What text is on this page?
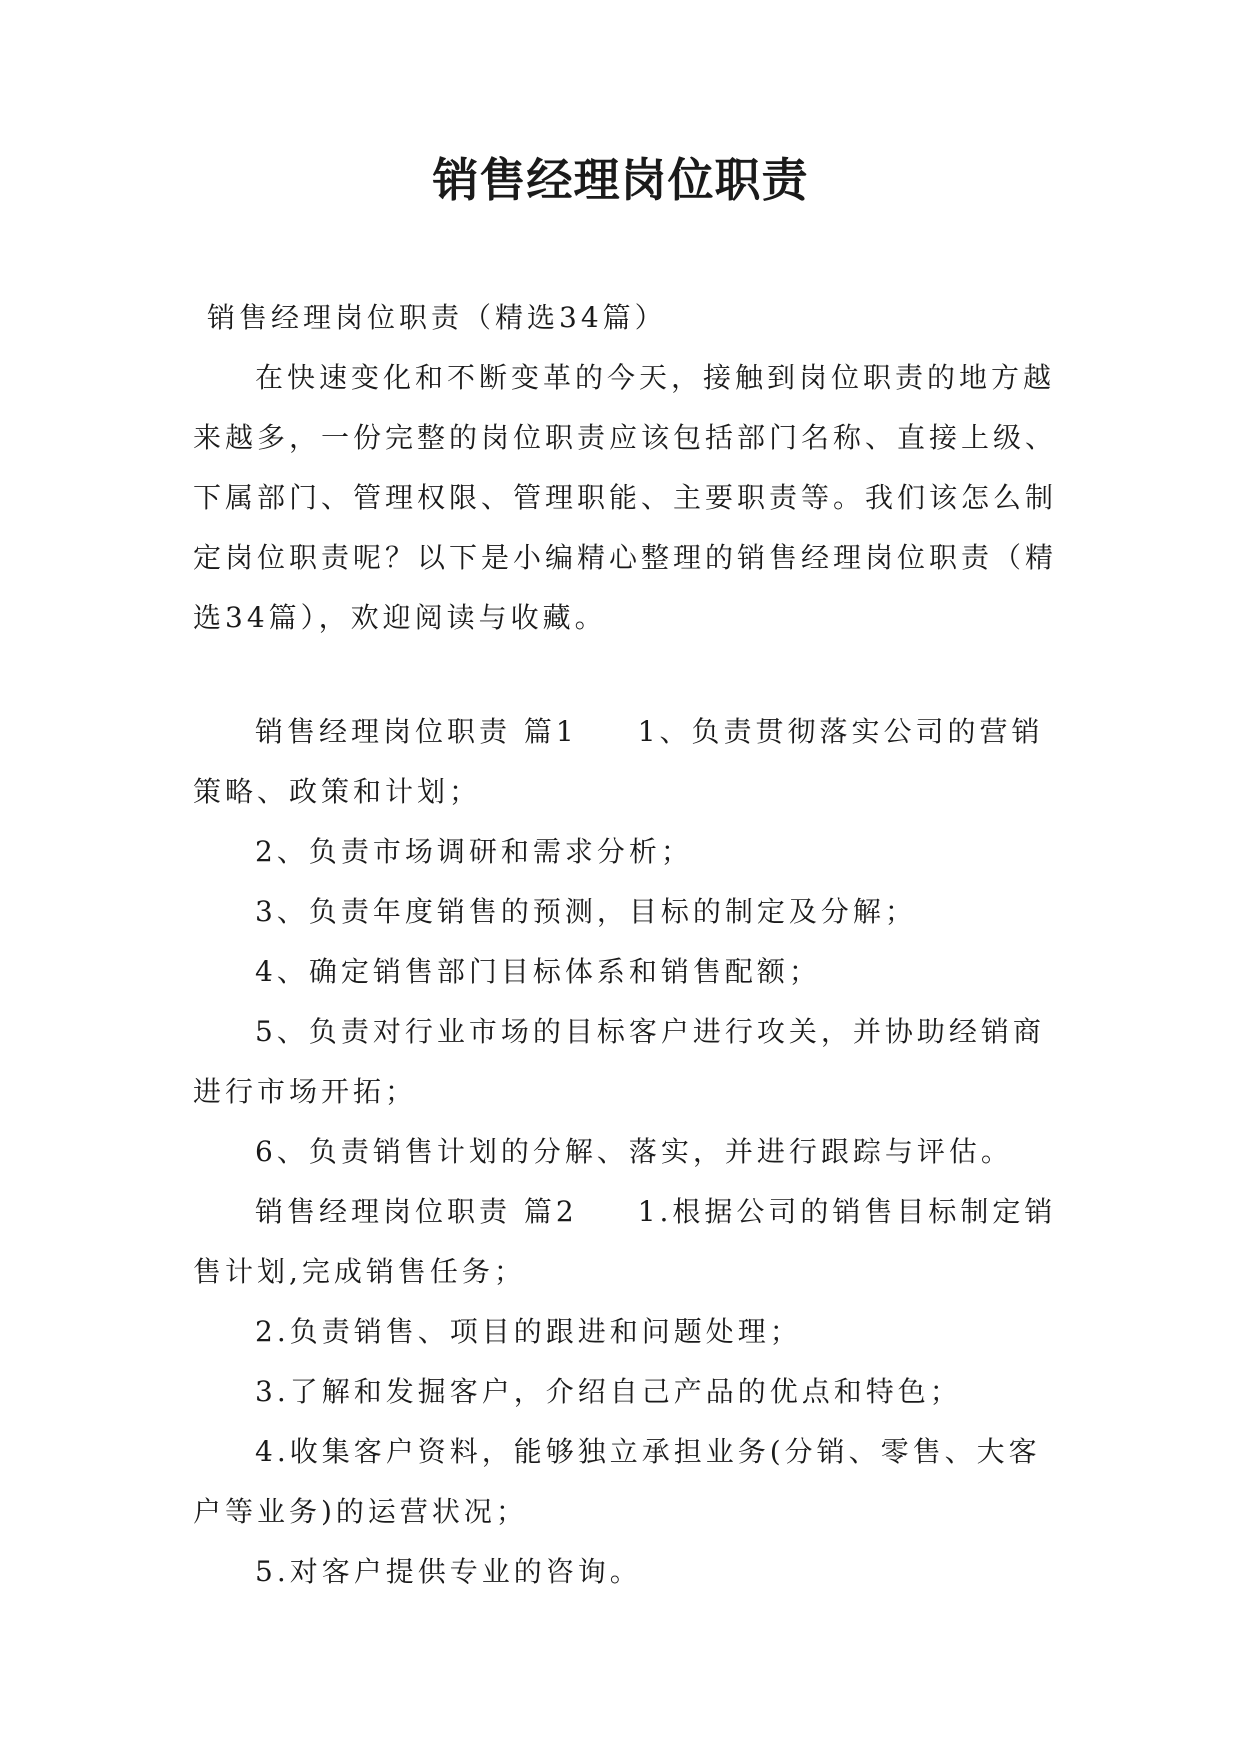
销售经理岗位职责

销售经理岗位职责（精选34篇）

在快速变化和不断变革的今天，接触到岗位职责的地方越来越多，一份完整的岗位职责应该包括部门名称、直接上级、下属部门、管理权限、管理职能、主要职责等。我们该怎么制定岗位职责呢？以下是小编精心整理的销售经理岗位职责（精选34篇），欢迎阅读与收藏。

销售经理岗位职责 篇1 1、负责贯彻落实公司的营销策略、政策和计划；

2、负责市场调研和需求分析；

3、负责年度销售的预测，目标的制定及分解；

4、确定销售部门目标体系和销售配额；

5、负责对行业市场的目标客户进行攻关，并协助经销商进行市场开拓；

6、负责销售计划的分解、落实，并进行跟踪与评估。

销售经理岗位职责 篇2 1.根据公司的销售目标制定销售计划,完成销售任务；

2.负责销售、项目的跟进和问题处理；

3.了解和发掘客户，介绍自己产品的优点和特色；

4.收集客户资料，能够独立承担业务(分销、零售、大客户等业务)的运营状况；

5.对客户提供专业的咨询。
